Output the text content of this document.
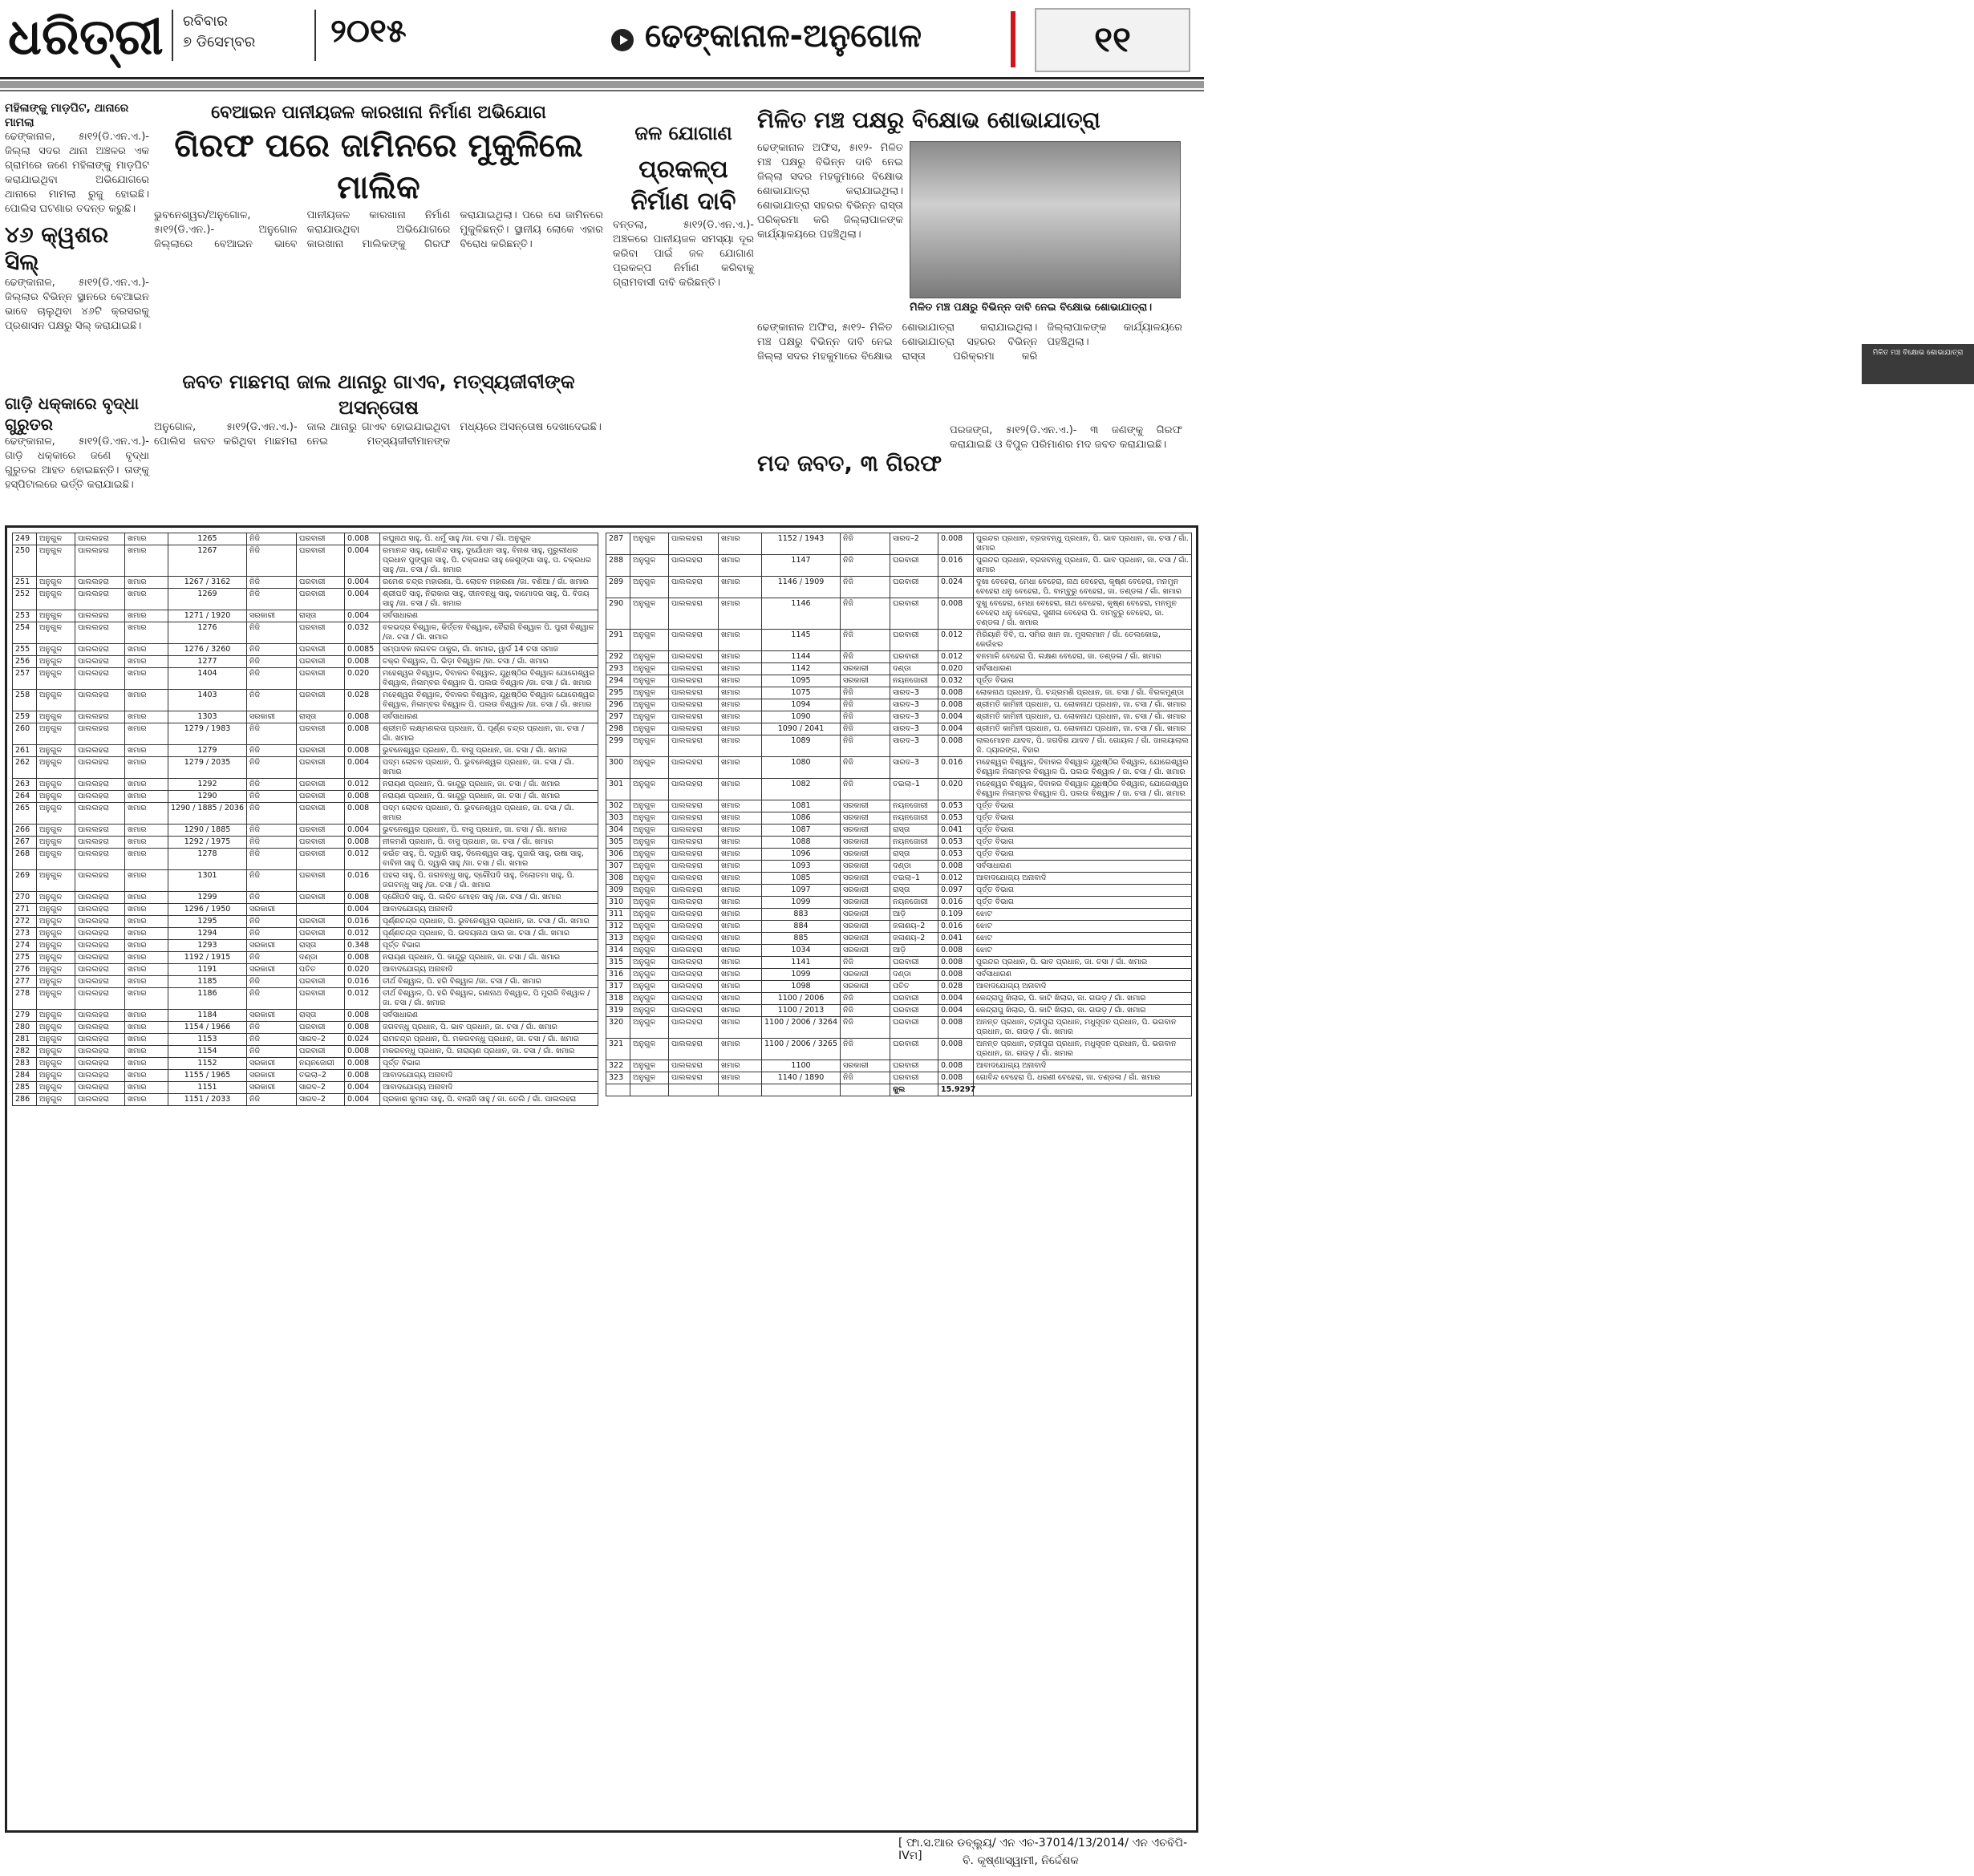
ଧରିତ୍ରୀ ରବିବାର
୭ ଡିସେମ୍ବର ୨୦୧୫	ଢେଙ୍କାନାଳ-ଅନୁଗୋଳ	୧୧
ମହିଳାଙ୍କୁ ମାଡ଼ପିଟ, ଥାନାରେ ମାମଲା
ଢେଙ୍କାନାଳ, ୫ା୧୨(ଡି.ଏନ.ଏ.)- ଜିଲ୍ଲା ସଦର ଥାନା ଅଞ୍ଚଳର ଏକ ଗ୍ରାମରେ ଜଣେ ମହିଳାଙ୍କୁ ମାଡ଼ପିଟ କରାଯାଇଥିବା ଅଭିଯୋଗରେ ଥାନାରେ ମାମଲା ରୁଜୁ ହୋଇଛି। ପୋଲିସ ଘଟଣାର ତଦନ୍ତ କରୁଛି।
୪୬ କ୍ୱଶର ସିଲ୍
ଢେଙ୍କାନାଳ, ୫ା୧୨(ଡି.ଏନ.ଏ.)- ଜିଲ୍ଲାର ବିଭିନ୍ନ ସ୍ଥାନରେ ବେଆଇନ ଭାବେ ଚାଲୁଥିବା ୪୬ଟି କ୍ରସରକୁ ପ୍ରଶାସନ ପକ୍ଷରୁ ସିଲ୍ କରାଯାଇଛି।
ଗାଡ଼ି ଧକ୍କାରେ ବୃଦ୍ଧା ଗୁରୁତର
ଢେଙ୍କାନାଳ, ୫ା୧୨(ଡି.ଏନ.ଏ.)- ଗାଡ଼ି ଧକ୍କାରେ ଜଣେ ବୃଦ୍ଧା ଗୁରୁତର ଆହତ ହୋଇଛନ୍ତି। ତାଙ୍କୁ ହସ୍ପିଟାଲରେ ଭର୍ତ୍ତି କରାଯାଇଛି।
ବେଆଇନ ପାନୀୟଜଳ କାରଖାନା ନିର୍ମାଣ ଅଭିଯୋଗ
ଗିରଫ ପରେ ଜାମିନରେ ମୁକୁଳିଲେ ମାଲିକ
ଭୁବନେଶ୍ୱର/ଅନୁଗୋଳ, ୫ା୧୨(ଡି.ଏନ.)- ଅନୁଗୋଳ ଜିଲ୍ଲାରେ ବେଆଇନ ଭାବେ ପାନୀୟଜଳ କାରଖାନା ନିର୍ମାଣ କରାଯାଉଥିବା ଅଭିଯୋଗରେ କାରଖାନା ମାଲିକଙ୍କୁ ଗିରଫ କରାଯାଇଥିଲା। ପରେ ସେ ଜାମିନରେ ମୁକୁଳିଛନ୍ତି। ସ୍ଥାନୀୟ ଲୋକେ ଏହାର ବିରୋଧ କରିଛନ୍ତି।
ଜବତ ମାଛମରା ଜାଲ ଥାନାରୁ ଗାଏବ, ମତ୍ସ୍ୟଜୀବୀଙ୍କ ଅସନ୍ତୋଷ
ଅନୁଗୋଳ, ୫ା୧୨(ଡି.ଏନ.ଏ.)- ପୋଲିସ ଜବତ କରିଥିବା ମାଛମରା ଜାଲ ଥାନାରୁ ଗାଏବ ହୋଇଯାଇଥିବା ନେଇ ମତ୍ସ୍ୟଜୀବୀମାନଙ୍କ ମଧ୍ୟରେ ଅସନ୍ତୋଷ ଦେଖାଦେଇଛି।
ଜଳ ଯୋଗାଣ
ପ୍ରକଳ୍ପ ନିର୍ମାଣ ଦାବି
ବନ୍ତଲା, ୫ା୧୨(ଡି.ଏନ.ଏ.)- ଅଞ୍ଚଳରେ ପାନୀୟଜଳ ସମସ୍ୟା ଦୂର କରିବା ପାଇଁ ଜଳ ଯୋଗାଣ ପ୍ରକଳ୍ପ ନିର୍ମାଣ କରିବାକୁ ଗ୍ରାମବାସୀ ଦାବି କରିଛନ୍ତି।
ମିଳିତ ମଞ୍ଚ ପକ୍ଷରୁ ବିକ୍ଷୋଭ ଶୋଭାଯାତ୍ରା
ଢେଙ୍କାନାଳ ଅଫିସ, ୫ା୧୨- ମିଳିତ ମଞ୍ଚ ପକ୍ଷରୁ ବିଭିନ୍ନ ଦାବି ନେଇ ଜିଲ୍ଲା ସଦର ମହକୁମାରେ ବିକ୍ଷୋଭ ଶୋଭାଯାତ୍ରା କରାଯାଇଥିଲା। ଶୋଭାଯାତ୍ରା ସହରର ବିଭିନ୍ନ ରାସ୍ତା ପରିକ୍ରମା କରି ଜିଲ୍ଲାପାଳଙ୍କ କାର୍ଯ୍ୟାଳୟରେ ପହଞ୍ଚିଥିଲା।
ମିଳିତ ମଞ୍ଚ ବିକ୍ଷୋଭ ଶୋଭାଯାତ୍ରା
ମିଳିତ ମଞ୍ଚ ପକ୍ଷରୁ ବିଭିନ୍ନ ଦାବି ନେଇ ବିକ୍ଷୋଭ ଶୋଭାଯାତ୍ରା।
ଢେଙ୍କାନାଳ ଅଫିସ, ୫ା୧୨- ମିଳିତ ମଞ୍ଚ ପକ୍ଷରୁ ବିଭିନ୍ନ ଦାବି ନେଇ ଜିଲ୍ଲା ସଦର ମହକୁମାରେ ବିକ୍ଷୋଭ ଶୋଭାଯାତ୍ରା କରାଯାଇଥିଲା। ଶୋଭାଯାତ୍ରା ସହରର ବିଭିନ୍ନ ରାସ୍ତା ପରିକ୍ରମା କରି ଜିଲ୍ଲାପାଳଙ୍କ କାର୍ଯ୍ୟାଳୟରେ ପହଞ୍ଚିଥିଲା।
ମଦ ଜବତ, ୩ ଗିରଫ
ପରଜଙ୍ଗ, ୫ା୧୨(ଡି.ଏନ.ଏ.)- ୩ ଜଣଙ୍କୁ ଗିରଫ କରାଯାଇଛି ଓ ବିପୁଳ ପରିମାଣର ମଦ ଜବତ କରାଯାଇଛି।
249	ଅନୁଗୁଳ	ପାଲଲହରା	ଖମାର	1265	ନିଜି	ଘରବାରୀ	0.008	ରଘୁନାଥ ସାହୁ, ପି. ଧର୍ମୁ ସାହୁ /ଜା. ଚସା / ଗାଁ. ଅନୁଗୁଳ
250	ଅନୁଗୁଳ	ପାଲଲହରା	ଖମାର	1267	ନିଜି	ଘରବାରୀ	0.004	ରମାନନ୍ଦ ସାହୁ, ଗୋବିନ୍ଦ ସାହୁ, ଦୁର୍ଯୋଧନ ସାହୁ, ବିନାଶ ସାହୁ, ମୁରୁଲୀଧର ପ୍ରଧାନ ପୁଙ୍ଗୁନା ସାହୁ, ପି. ଚକ୍ରଧର ସାହୁ କେଶୁଙ୍ଗା ସାହୁ, ପ. ଚକ୍ରଧର ସାହୁ /ଜା. ଚସା / ଗାଁ. ଖମାର
251	ଅନୁଗୁଳ	ପାଲଲହରା	ଖମାର	1267 / 3162	ନିଜି	ଘରବାରୀ	0.004	ରମେଶ ଚନ୍ଦ୍ର ମହାରଣା, ପି. ଲୋଚନ ମହାରଣା /ଜା. ବଣିଆ / ଗାଁ. ଖମାର
252	ଅନୁଗୁଳ	ପାଲଲହରା	ଖମାର	1269	ନିଜି	ଘରବାରୀ	0.004	ଶ୍ରୀପତି ସାହୁ, ନିରାକାର ସାହୁ, ଦୀନବନ୍ଧୁ ସାହୁ, ଦାମୋଦର ସାହୁ, ପି. ବିଜୟ ସାହୁ /ଜା. ଚସା / ଗାଁ. ଖମାର
253	ଅନୁଗୁଳ	ପାଲଲହରା	ଖମାର	1271 / 1920	ସରକାରୀ	ରାସ୍ତା	0.004	ସର୍ବସାଧାରଣ
254	ଅନୁଗୁଳ	ପାଲଲହରା	ଖମାର	1276	ନିଜି	ଘରବାରୀ	0.032	ବଳଭଦ୍ର ବିଶ୍ୱାଳ, କିର୍ତ୍ତନ ବିଶ୍ୱାଳ, ବୈରାଗି ବିଶ୍ୱାଳ ପି. ପୁରୀ ବିଶ୍ୱାଳ /ଜା. ଚସା / ଗାଁ. ଖମାର
255	ଅନୁଗୁଳ	ପାଲଲହରା	ଖମାର	1276 / 3260	ନିଜି	ଘରବାରୀ	0.0085	ସମ୍ପାଦକ ନାଗବଳ ଠାକୁର, ଗାଁ. ଖମାର, ୱାର୍ଡ 14 ଚସା ସମାଜ
256	ଅନୁଗୁଳ	ପାଲଲହରା	ଖମାର	1277	ନିଜି	ଘରବାରୀ	0.008	ଚକ୍ର ବିଶ୍ୱାଳ, ପି. ଭିଡ଼ା ବିଶ୍ୱାଳ /ଜା. ଚସା / ଗାଁ. ଖମାର
257	ଅନୁଗୁଳ	ପାଲଲହରା	ଖମାର	1404	ନିଜି	ଘରବାରୀ	0.020	ମହେଶ୍ୱର ବିଶ୍ୱାଳ, ଦିବାକର ବିଶ୍ୱାଳ, ଯୁଧିଷ୍ଠିର ବିଶ୍ୱାଳ ଯୋଗେଶ୍ୱର ବିଶ୍ୱାଳ, ନିଳାମ୍ବର ବିଶ୍ୱାଳ ପି. ପଲଉ ବିଶ୍ୱାଳ /ଜା. ଚସା / ଗାଁ. ଖମାର
258	ଅନୁଗୁଳ	ପାଲଲହରା	ଖମାର	1403	ନିଜି	ଘରବାରୀ	0.028	ମହେଶ୍ୱର ବିଶ୍ୱାଳ, ଦିବାକର ବିଶ୍ୱାଳ, ଯୁଧିଷ୍ଠିର ବିଶ୍ୱାଳ ଯୋଗେଶ୍ୱର ବିଶ୍ୱାଳ, ନିଳାମ୍ବର ବିଶ୍ୱାଳ ପି. ପଲଉ ବିଶ୍ୱାଳ /ଜା. ଚସା / ଗାଁ. ଖମାର
259	ଅନୁଗୁଳ	ପାଲଲହରା	ଖମାର	1303	ସରକାରୀ	ରାସ୍ତା	0.008	ସର୍ବସାଧାରଣ
260	ଅନୁଗୁଳ	ପାଲଲହରା	ଖମାର	1279 / 1983	ନିଜି	ଘରବାରୀ	0.008	ଶ୍ରୀମତି ଲକ୍ଷ୍ମଣଲତା ପ୍ରଧାନ, ପି. ପୂର୍ଣ୍ଣ ଚନ୍ଦ୍ର ପ୍ରଧାନ, ଜା. ଚସା / ଗାଁ. ଖମାର
261	ଅନୁଗୁଳ	ପାଲଲହରା	ଖମାର	1279	ନିଜି	ଘରବାରୀ	0.008	ଭୁବନେଶ୍ୱର ପ୍ରଧାନ, ପି. ବାସୁ ପ୍ରଧାନ, ଜା. ଚସା / ଗାଁ. ଖମାର
262	ଅନୁଗୁଳ	ପାଲଲହରା	ଖମାର	1279 / 2035	ନିଜି	ଘରବାରୀ	0.004	ପଦ୍ମ ଲୋଚନ ପ୍ରଧାନ, ପି. ଭୁବନେଶ୍ୱର ପ୍ରଧାନ, ଜା. ଚସା / ଗାଁ. ଖମାର
263	ଅନୁଗୁଳ	ପାଲଲହରା	ଖମାର	1292	ନିଜି	ଘରବାରୀ	0.012	ନରାୟଣ ପ୍ରଧାନ, ପି. କାନ୍ଦୁରୁ ପ୍ରଧାନ, ଜା. ଚସା / ଗାଁ. ଖମାର
264	ଅନୁଗୁଳ	ପାଲଲହରା	ଖମାର	1290	ନିଜି	ଘରବାରୀ	0.008	ନରାୟଣ ପ୍ରଧାନ, ପି. କାନ୍ଦୁରୁ ପ୍ରଧାନ, ଜା. ଚସା / ଗାଁ. ଖମାର
265	ଅନୁଗୁଳ	ପାଲଲହରା	ଖମାର	1290 / 1885 / 2036	ନିଜି	ଘରବାରୀ	0.008	ପଦ୍ମ ଲୋଚନ ପ୍ରଧାନ, ପି. ଭୁବନେଶ୍ୱର ପ୍ରଧାନ, ଜା. ଚସା / ଗାଁ. ଖମାର
266	ଅନୁଗୁଳ	ପାଲଲହରା	ଖମାର	1290 / 1885	ନିଜି	ଘରବାରୀ	0.004	ଭୁବନେଶ୍ୱର ପ୍ରଧାନ, ପି. ବାସୁ ପ୍ରଧାନ, ଜା. ଚସା / ଗାଁ. ଖମାର
267	ଅନୁଗୁଳ	ପାଲଲହରା	ଖମାର	1292 / 1975	ନିଜି	ଘରବାରୀ	0.008	ନୀଳମଣି ପ୍ରଧାନ, ପି. ବାସୁ ପ୍ରଧାନ, ଜା. ଚସା / ଗାଁ. ଖମାର
268	ଅନୁଗୁଳ	ପାଲଲହରା	ଖମାର	1278	ନିଜି	ଘରବାରୀ	0.012	କଇଁଚ ସାହୁ, ପି. ଦ୍ୱାରି ସାହୁ, ଦିଲେଶ୍ୱର ସାହୁ, ପୁଜାରି ସାହୁ, ଉଷା ସାହୁ, ବାବିନୀ ସାହୁ ପି. ଦ୍ୱାରି ସାହୁ /ଜା. ଚସା / ଗାଁ. ଖମାର
269	ଅନୁଗୁଳ	ପାଲଲହରା	ଖମାର	1301	ନିଜି	ଘରବାରୀ	0.016	ପହଲା ସାହୁ, ପି. ଜଗବନ୍ଧୁ ସାହୁ, ଦ୍ରୌପଦି ସାହୁ, ତିଲୋତମା ସାହୁ, ପି. ଜଗବନ୍ଧୁ ସାହୁ /ଜା. ଚସା / ଗାଁ. ଖମାର
270	ଅନୁଗୁଳ	ପାଲଲହରା	ଖମାର	1299	ନିଜି	ଘରବାରୀ	0.008	ଦ୍ରୌପଦି ସାହୁ, ପି. ଲଳିତ ମୋହନ ସାହୁ /ଜା. ଚସା / ଗାଁ. ଖମାର
271	ଅନୁଗୁଳ	ପାଲଲହରା	ଖମାର	1296 / 1950	ସରକାରୀ		0.004	ଆବାଦଯୋଗ୍ୟ ଅନାବାଦି
272	ଅନୁଗୁଳ	ପାଲଲହରା	ଖମାର	1295	ନିଜି	ଘରବାରୀ	0.016	ପୂର୍ଣ୍ଣଚନ୍ଦ୍ର ପ୍ରଧାନ, ପି. ଭୁବନେଶ୍ୱର ପ୍ରଧାନ, ଜା. ଚସା / ଗାଁ. ଖମାର
273	ଅନୁଗୁଳ	ପାଲଲହରା	ଖମାର	1294	ନିଜି	ଘରବାରୀ	0.012	ପୂର୍ଣ୍ଣଚନ୍ଦ୍ର ପ୍ରଧାନ, ପି. ଉଦୟନାଥ ପାଲ ଜା. ଚସା / ଗାଁ. ଖମାର
274	ଅନୁଗୁଳ	ପାଲଲହରା	ଖମାର	1293	ସରକାରୀ	ରାସ୍ତା	0.348	ପୂର୍ତ୍ତ ବିଭାଗ
275	ଅନୁଗୁଳ	ପାଲଲହରା	ଖମାର	1192 / 1915	ନିଜି	ଦଣ୍ଡା	0.008	ନରାୟଣ ପ୍ରଧାନ, ପି. କାନ୍ଦୁରୁ ପ୍ରଧାନ, ଜା. ଚସା / ଗାଁ. ଖମାର
276	ଅନୁଗୁଳ	ପାଲଲହରା	ଖମାର	1191	ସରକାରୀ	ପତିତ	0.020	ଆବାଦଯୋଗ୍ୟ ଅନାବାଦି
277	ଅନୁଗୁଳ	ପାଲଲହରା	ଖମାର	1185	ନିଜି	ଘରବାରୀ	0.016	ତୀର୍ଥ ବିଶ୍ୱାଳ, ପି. ହରି ବିଶ୍ୱାଳ /ଜା. ଚସା / ଗାଁ. ଖମାର
278	ଅନୁଗୁଳ	ପାଲଲହରା	ଖମାର	1186	ନିଜି	ଘରବାରୀ	0.012	ତୀର୍ଥ ବିଶ୍ୱାଳ, ପି. ହରି ବିଶ୍ୱାଳ, ଗଣନାଥ ବିଶ୍ୱାଳ, ପି ମୁରାରି ବିଶ୍ୱାଳ /ଜା. ଚସା / ଗାଁ. ଖମାର
279	ଅନୁଗୁଳ	ପାଲଲହରା	ଖମାର	1184	ସରକାରୀ	ରାସ୍ତା	0.008	ସର୍ବସାଧାରଣ
280	ଅନୁଗୁଳ	ପାଲଲହରା	ଖମାର	1154 / 1966	ନିଜି	ଘରବାରୀ	0.008	ଜଗବନ୍ଧୁ ପ୍ରଧାନ, ପି. ଭାବ ପ୍ରଧାନ, ଜା. ଚସା / ଗାଁ. ଖମାର
281	ଅନୁଗୁଳ	ପାଲଲହରା	ଖମାର	1153	ନିଜି	ସାରଦ–2	0.024	ରାମଚନ୍ଦ୍ର ପ୍ରଧାନ, ପି. ମକରବନ୍ଧୁ ପ୍ରଧାନ, ଜା. ଚସା / ଗାଁ. ଖମାର
282	ଅନୁଗୁଳ	ପାଲଲହରା	ଖମାର	1154	ନିଜି	ଘରବାରୀ	0.008	ମକରବନ୍ଧୁ ପ୍ରଧାନ, ପି. ନାରାୟଣ ପ୍ରଧାନ, ଜା. ଚସା / ଗାଁ. ଖମାର
283	ଅନୁଗୁଳ	ପାଲଲହରା	ଖମାର	1152	ସରକାରୀ	ନୟନଜୋରୀ	0.008	ପୂର୍ତ୍ତ ବିଭାଗ
284	ଅନୁଗୁଳ	ପାଲଲହରା	ଖମାର	1155 / 1965	ସରକାରୀ	ତଇଲା–2	0.008	ଆବାଦଯୋଗ୍ୟ ଅନାବାଦି
285	ଅନୁଗୁଳ	ପାଲଲହରା	ଖମାର	1151	ସରକାରୀ	ସାରଦ–2	0.004	ଆବାଦଯୋଗ୍ୟ ଅନାବାଦି
286	ଅନୁଗୁଳ	ପାଲଲହରା	ଖମାର	1151 / 2033	ନିଜି	ସାରଦ–2	0.004	ପ୍ରକାଶ କୁମାର ସାହୁ, ପି. ବାଲାଜି ସାହୁ / ଜା. ତେଲି / ଗାଁ. ପାଲଲହରା
287	ଅନୁଗୁଳ	ପାଲଲହରା	ଖମାର	1152 / 1943	ନିଜି	ସାରଦ–2	0.008	ପୁରନ୍ଦର ପ୍ରଧାନ, ବ୍ରଜବନ୍ଧୁ ପ୍ରଧାନ, ପି. ଭାବ ପ୍ରଧାନ, ଜା. ଚସା / ଗାଁ. ଖମାର
288	ଅନୁଗୁଳ	ପାଲଲହରା	ଖମାର	1147	ନିଜି	ଘରବାରୀ	0.016	ପୁରନ୍ଦର ପ୍ରଧାନ, ବ୍ରଜବନ୍ଧୁ ପ୍ରଧାନ, ପି. ଭାବ ପ୍ରଧାନ, ଜା. ଚସା / ଗାଁ. ଖମାର
289	ଅନୁଗୁଳ	ପାଲଲହରା	ଖମାର	1146 / 1909	ନିଜି	ଘରବାରୀ	0.024	ଦୁଖା ବେହେରା, ମେଧା ବେହେରା, ନାଥ ବେହେରା, କୃଷ୍ଣ ବେହେରା, ମନମୁନ ବେହେରା ଧନୁ ବେହେରା, ପି. ବାମ୍ବୁରୁ ବେହେରା, ଜା. ତଣ୍ଡଳା / ଗାଁ. ଖମାର
290	ଅନୁଗୁଳ	ପାଲଲହରା	ଖମାର	1146	ନିଜି	ଘରବାରୀ	0.008	ଦୁଖୁ ବେହେରା, ମେଧା ବେହେରା, ନାଥ ବେହେରା, କୃଷ୍ଣ ବେହେରା, ମନମୁନ ବେହେରା ଧନୁ ବେହେରା, ସୁଶୀଳା ବେହେରା ପି. ବାମ୍ବୁରୁ ବେହେରା, ଜା. ତଣ୍ଡଳା / ଗାଁ. ଖମାର
291	ଅନୁଗୁଳ	ପାଲଲହରା	ଖମାର	1145	ନିଜି	ଘରବାରୀ	0.012	ମିରିୟାନି ବିବି, ପ. ସମିର ଖାନ ଜା. ମୁସଲମାନ / ଗାଁ. ତେଲକୋଇ, କେଉଁଝର
292	ଅନୁଗୁଳ	ପାଲଲହରା	ଖମାର	1144	ନିଜି	ଘରବାରୀ	0.012	ବନମାଳି ବେହେରା ପି. ଲକ୍ଷଣ ବେହେରା, ଜା. ତଣ୍ଡଳା / ଗାଁ. ଖମାର
293	ଅନୁଗୁଳ	ପାଲଲହରା	ଖମାର	1142	ସରକାରୀ	ଦଣ୍ଡା	0.020	ସର୍ବସାଧାରଣ
294	ଅନୁଗୁଳ	ପାଲଲହରା	ଖମାର	1095	ସରକାରୀ	ନୟନଜୋରୀ	0.032	ପୂର୍ତ୍ତ ବିଭାଗ
295	ଅନୁଗୁଳ	ପାଲଲହରା	ଖମାର	1075	ନିଜି	ସାରଦ–3	0.008	ଲୋକନାଥ ପ୍ରଧାନ, ପି. ଚନ୍ଦ୍ରମଣି ପ୍ରଧାନ, ଜା. ଚସା / ଗାଁ. ବିରଳମୁଣ୍ଡା
296	ଅନୁଗୁଳ	ପାଲଲହରା	ଖମାର	1094	ନିଜି	ସାରଦ–3	0.008	ଶ୍ରୀମତି କାମିନୀ ପ୍ରଧାନ, ପ. ଲୋକନାଥ ପ୍ରଧାନ, ଜା. ଚସା / ଗାଁ. ଖମାର
297	ଅନୁଗୁଳ	ପାଲଲହରା	ଖମାର	1090	ନିଜି	ସାରଦ–3	0.004	ଶ୍ରୀମତି କାମିନୀ ପ୍ରଧାନ, ପ. ଲୋକନାଥ ପ୍ରଧାନ, ଜା. ଚସା / ଗାଁ. ଖମାର
298	ଅନୁଗୁଳ	ପାଲଲହରା	ଖମାର	1090 / 2041	ନିଜି	ସାରଦ–3	0.004	ଶ୍ରୀମତି କାମିନୀ ପ୍ରଧାନ, ପ. ଲୋକନାଥ ପ୍ରଧାନ, ଜା. ଚସା / ଗାଁ. ଖମାର
299	ଅନୁଗୁଳ	ପାଲଲହରା	ଖମାର	1089	ନିଜି	ସାରଦ–3	0.008	ଲାଲମୋହନ ଯାଦବ, ପି. ଜଗଦିଶ ଯାଦବ / ଗାଁ. ଗୋୟଲ / ଗାଁ. ଜାଲୟାଲାଲ ଜି. ଠ୍ୟାରଙ୍ଗ, ବିହାର
300	ଅନୁଗୁଳ	ପାଲଲହରା	ଖମାର	1080	ନିଜି	ସାରଦ–3	0.016	ମହେଶ୍ୱର ବିଶ୍ୱାଳ, ଦିବାକର ବିଶ୍ୱାଳ ଯୁଧିଷ୍ଠିର ବିଶ୍ୱାଳ, ଯୋଗେଶ୍ୱର ବିଶ୍ୱାଳ ନିଳାମ୍ବର ବିଶ୍ୱାଳ ପି. ପଲଉ ବିଶ୍ୱାଳ / ଜା. ଚସା / ଗାଁ. ଖମାର
301	ଅନୁଗୁଳ	ପାଲଲହରା	ଖମାର	1082	ନିଜି	ତଇଲା–1	0.020	ମହେଶ୍ୱର ବିଶ୍ୱାଳ, ଦିବାକର ବିଶ୍ୱାଳ ଯୁଧିଷ୍ଠିର ବିଶ୍ୱାଳ, ଯୋଗେଶ୍ୱର ବିଶ୍ୱାଳ ନିଳାମ୍ବର ବିଶ୍ୱାଳ ପି. ପଲଉ ବିଶ୍ୱାଳ / ଜା. ଚସା / ଗାଁ. ଖମାର
302	ଅନୁଗୁଳ	ପାଲଲହରା	ଖମାର	1081	ସରକାରୀ	ନୟନଜୋରୀ	0.053	ପୂର୍ତ୍ତ ବିଭାଗ
303	ଅନୁଗୁଳ	ପାଲଲହରା	ଖମାର	1086	ସରକାରୀ	ନୟନଜୋରୀ	0.053	ପୂର୍ତ୍ତ ବିଭାଗ
304	ଅନୁଗୁଳ	ପାଲଲହରା	ଖମାର	1087	ସରକାରୀ	ରାସ୍ତା	0.041	ପୂର୍ତ୍ତ ବିଭାଗ
305	ଅନୁଗୁଳ	ପାଲଲହରା	ଖମାର	1088	ସରକାରୀ	ନୟନଜୋରୀ	0.053	ପୂର୍ତ୍ତ ବିଭାଗ
306	ଅନୁଗୁଳ	ପାଲଲହରା	ଖମାର	1096	ସରକାରୀ	ରାସ୍ତା	0.053	ପୂର୍ତ୍ତ ବିଭାଗ
307	ଅନୁଗୁଳ	ପାଲଲହରା	ଖମାର	1093	ସରକାରୀ	ଦଣ୍ଡା	0.008	ସର୍ବସାଧାରଣ
308	ଅନୁଗୁଳ	ପାଲଲହରା	ଖମାର	1085	ସରକାରୀ	ତଇଲା–1	0.012	ଆବାଦଯୋଗ୍ୟ ଅନାବାଦି
309	ଅନୁଗୁଳ	ପାଲଲହରା	ଖମାର	1097	ସରକାରୀ	ରାସ୍ତା	0.097	ପୂର୍ତ୍ତ ବିଭାଗ
310	ଅନୁଗୁଳ	ପାଲଲହରା	ଖମାର	1099	ସରକାରୀ	ନୟନଜୋରୀ	0.016	ପୂର୍ତ୍ତ ବିଭାଗ
311	ଅନୁଗୁଳ	ପାଲଲହରା	ଖମାର	883	ସରକାରୀ	ଆଡ଼ି	0.109	ଝୋଟ
312	ଅନୁଗୁଳ	ପାଲଲହରା	ଖମାର	884	ସରକାରୀ	ଜଳାଶୟ–2	0.016	ଝୋଟ
313	ଅନୁଗୁଳ	ପାଲଲହରା	ଖମାର	885	ସରକାରୀ	ଜଳାଶୟ–2	0.041	ଝୋଟ
314	ଅନୁଗୁଳ	ପାଲଲହରା	ଖମାର	1034	ସରକାରୀ	ଆଡ଼ି	0.008	ଝୋଟ
315	ଅନୁଗୁଳ	ପାଲଲହରା	ଖମାର	1141	ନିଜି	ଘରବାରୀ	0.008	ପୁରନ୍ଦର ପ୍ରଧାନ, ପି. ଭାବ ପ୍ରଧାନ, ଜା. ଚସା / ଗାଁ. ଖମାର
316	ଅନୁଗୁଳ	ପାଲଲହରା	ଖମାର	1099	ସରକାରୀ	ଦଣ୍ଡା	0.008	ସର୍ବସାଧାରଣ
317	ଅନୁଗୁଳ	ପାଲଲହରା	ଖମାର	1098	ସରକାରୀ	ପତିତ	0.028	ଆବାଦଯୋଗ୍ୟ ଅନାବାଦି
318	ଅନୁଗୁଳ	ପାଲଲହରା	ଖମାର	1100 / 2006	ନିଜି	ଘରବାରୀ	0.004	କେନ୍ଦ୍ରାପୁ ଖିଲାର, ପି. କାଟି ଖିଲାର, ଜା. ଗଉଡ଼ / ଗାଁ. ଖମାର
319	ଅନୁଗୁଳ	ପାଲଲହରା	ଖମାର	1100 / 2013	ନିଜି	ଘରବାରୀ	0.004	କେନ୍ଦ୍ରାପୁ ଖିଲାର, ପି. କାଟି ଖିଲାର, ଜା. ଗଉଡ଼ / ଗାଁ. ଖମାର
320	ଅନୁଗୁଳ	ପାଲଲହରା	ଖମାର	1100 / 2006 / 3264	ନିଜି	ଘରବାରୀ	0.008	ଅନନ୍ତ ପ୍ରଧାନ, ତ୍ରୀପୁରା ପ୍ରଧାନ, ମଧୁସୂଦନ ପ୍ରଧାନ, ପି. ଭଗବାନ ପ୍ରଧାନ, ଜା. ଗଉଡ଼ / ଗାଁ. ଖମାର
321	ଅନୁଗୁଳ	ପାଲଲହରା	ଖମାର	1100 / 2006 / 3265	ନିଜି	ଘରବାରୀ	0.008	ଅନନ୍ତ ପ୍ରଧାନ, ତ୍ରୀପୁରା ପ୍ରଧାନ, ମଧୁସୂଦନ ପ୍ରଧାନ, ପି. ଭଗବାନ ପ୍ରଧାନ, ଜା. ଗଉଡ଼ / ଗାଁ. ଖମାର
322	ଅନୁଗୁଳ	ପାଲଲହରା	ଖମାର	1100	ସରକାରୀ	ଘରବାରୀ	0.008	ଆବାଦଯୋଗ୍ୟ ଅନାବାଦି
323	ଅନୁଗୁଳ	ପାଲଲହରା	ଖମାର	1140 / 1890	ନିଜି	ଘରବାରୀ	0.008	ଗୋବିନ୍ଦ ବେହେରା ପି. ଧରଣୀ ବେହେରା, ଜା. ତଣ୍ଡଳା / ଗାଁ. ଖମାର
						କୁଲ	15.9297	
[ ଫା.ସ.ଆର ଡବ୍ଲ୍ୟୁ/ ଏନ ଏଚ-37014/13/2014/ ଏନ ଏଚବିପି- IVମ]	ବି. କୃଷ୍ଣାସ୍ୱାମୀ, ନିର୍ଦ୍ଦେଶକ
